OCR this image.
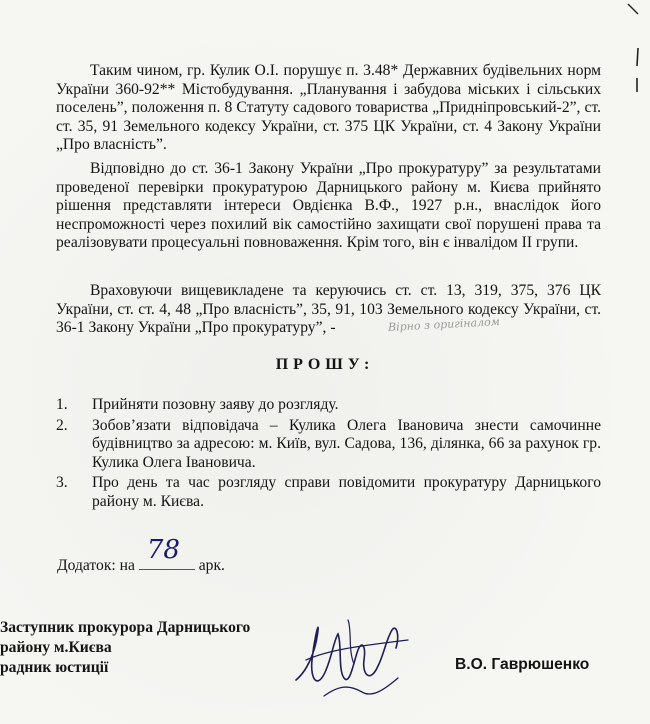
Таким чином, гр. Кулик О.І. порушує п. 3.48* Державних будівельних норм України 360-92** Містобудування. „Планування і забудова міських і сільських поселень”, положення п. 8 Статуту садового товариства „Придніпровський-2”, ст. ст. 35, 91 Земельного кодексу України, ст. 375 ЦК України, ст. 4 Закону України „Про власність”.

Відповідно до ст. 36-1 Закону України „Про прокуратуру” за результатами проведеної перевірки прокуратурою Дарницького району м. Києва прийнято рішення представляти інтереси Овдієнка В.Ф., 1927 р.н., внаслідок його неспроможності через похилий вік самостійно захищати свої порушені права та реалізовувати процесуальні повноваження. Крім того, він є інвалідом ІІ групи.

Враховуючи вищевикладене та керуючись ст. ст. 13, 319, 375, 376 ЦК України, ст. ст. 4, 48 „Про власність”, 35, 91, 103 Земельного кодексу України, ст. 36-1 Закону України „Про прокуратуру”, -	Вірно з оригіналом
ПРОШУ:
1. Прийняти позовну заяву до розгляду.
2. Зобов’язати відповідача – Кулика Олега Івановича знести самочинне будівництво за адресою: м. Київ, вул. Садова, 136, ділянка, 66 за рахунок гр. Кулика Олега Івановича.
3. Про день та час розгляду справи повідомити прокуратуру Дарницького району м. Києва.
Додаток: на
78
арк.
Заступник прокурора Дарницького
району м.Києва
радник юстиції	В.О. Гаврюшенко
